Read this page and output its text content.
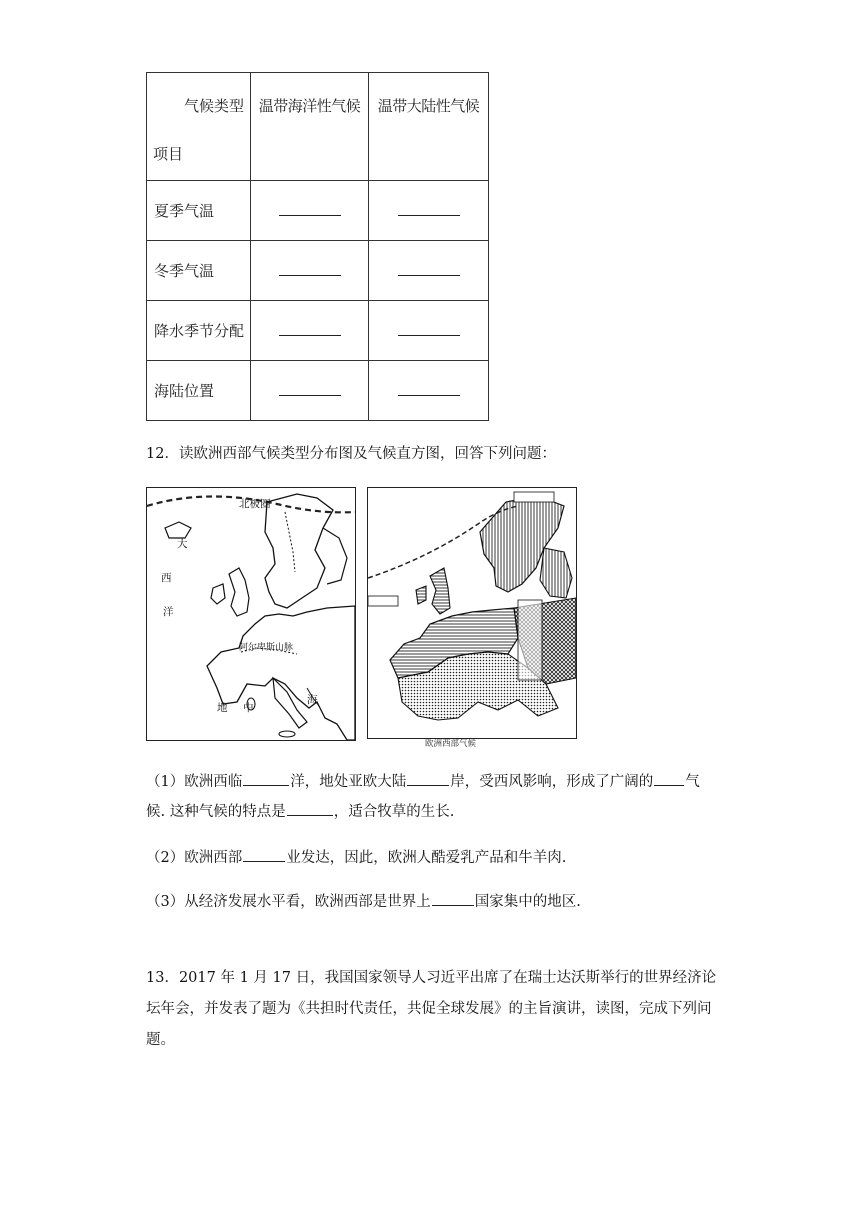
气候类型
项目	温带海洋性气候	温带大陆性气候
夏季气温		
冬季气温		
降水季节分配		
海陆位置		
12．读欧洲西部气候类型分布图及气候直方图，回答下列问题：
北极圈
大
西
洋
阿尔卑斯山脉
地 中
海
欧洲西部气候
（1）欧洲西临	洋，地处亚欧大陆	岸，受西风影响，形成了广阔的 气
候. 这种气候的特点是	，适合牧草的生长.
（2）欧洲西部	业发达，因此，欧洲人酷爱乳产品和牛羊肉.
（3）从经济发展水平看，欧洲西部是世界上	国家集中的地区.
13．2017 年 1 月 17 日，我国国家领导人习近平出席了在瑞士达沃斯举行的世界经济论坛年会，并发表了题为《共担时代责任，共促全球发展》的主旨演讲，读图，完成下列问题。
